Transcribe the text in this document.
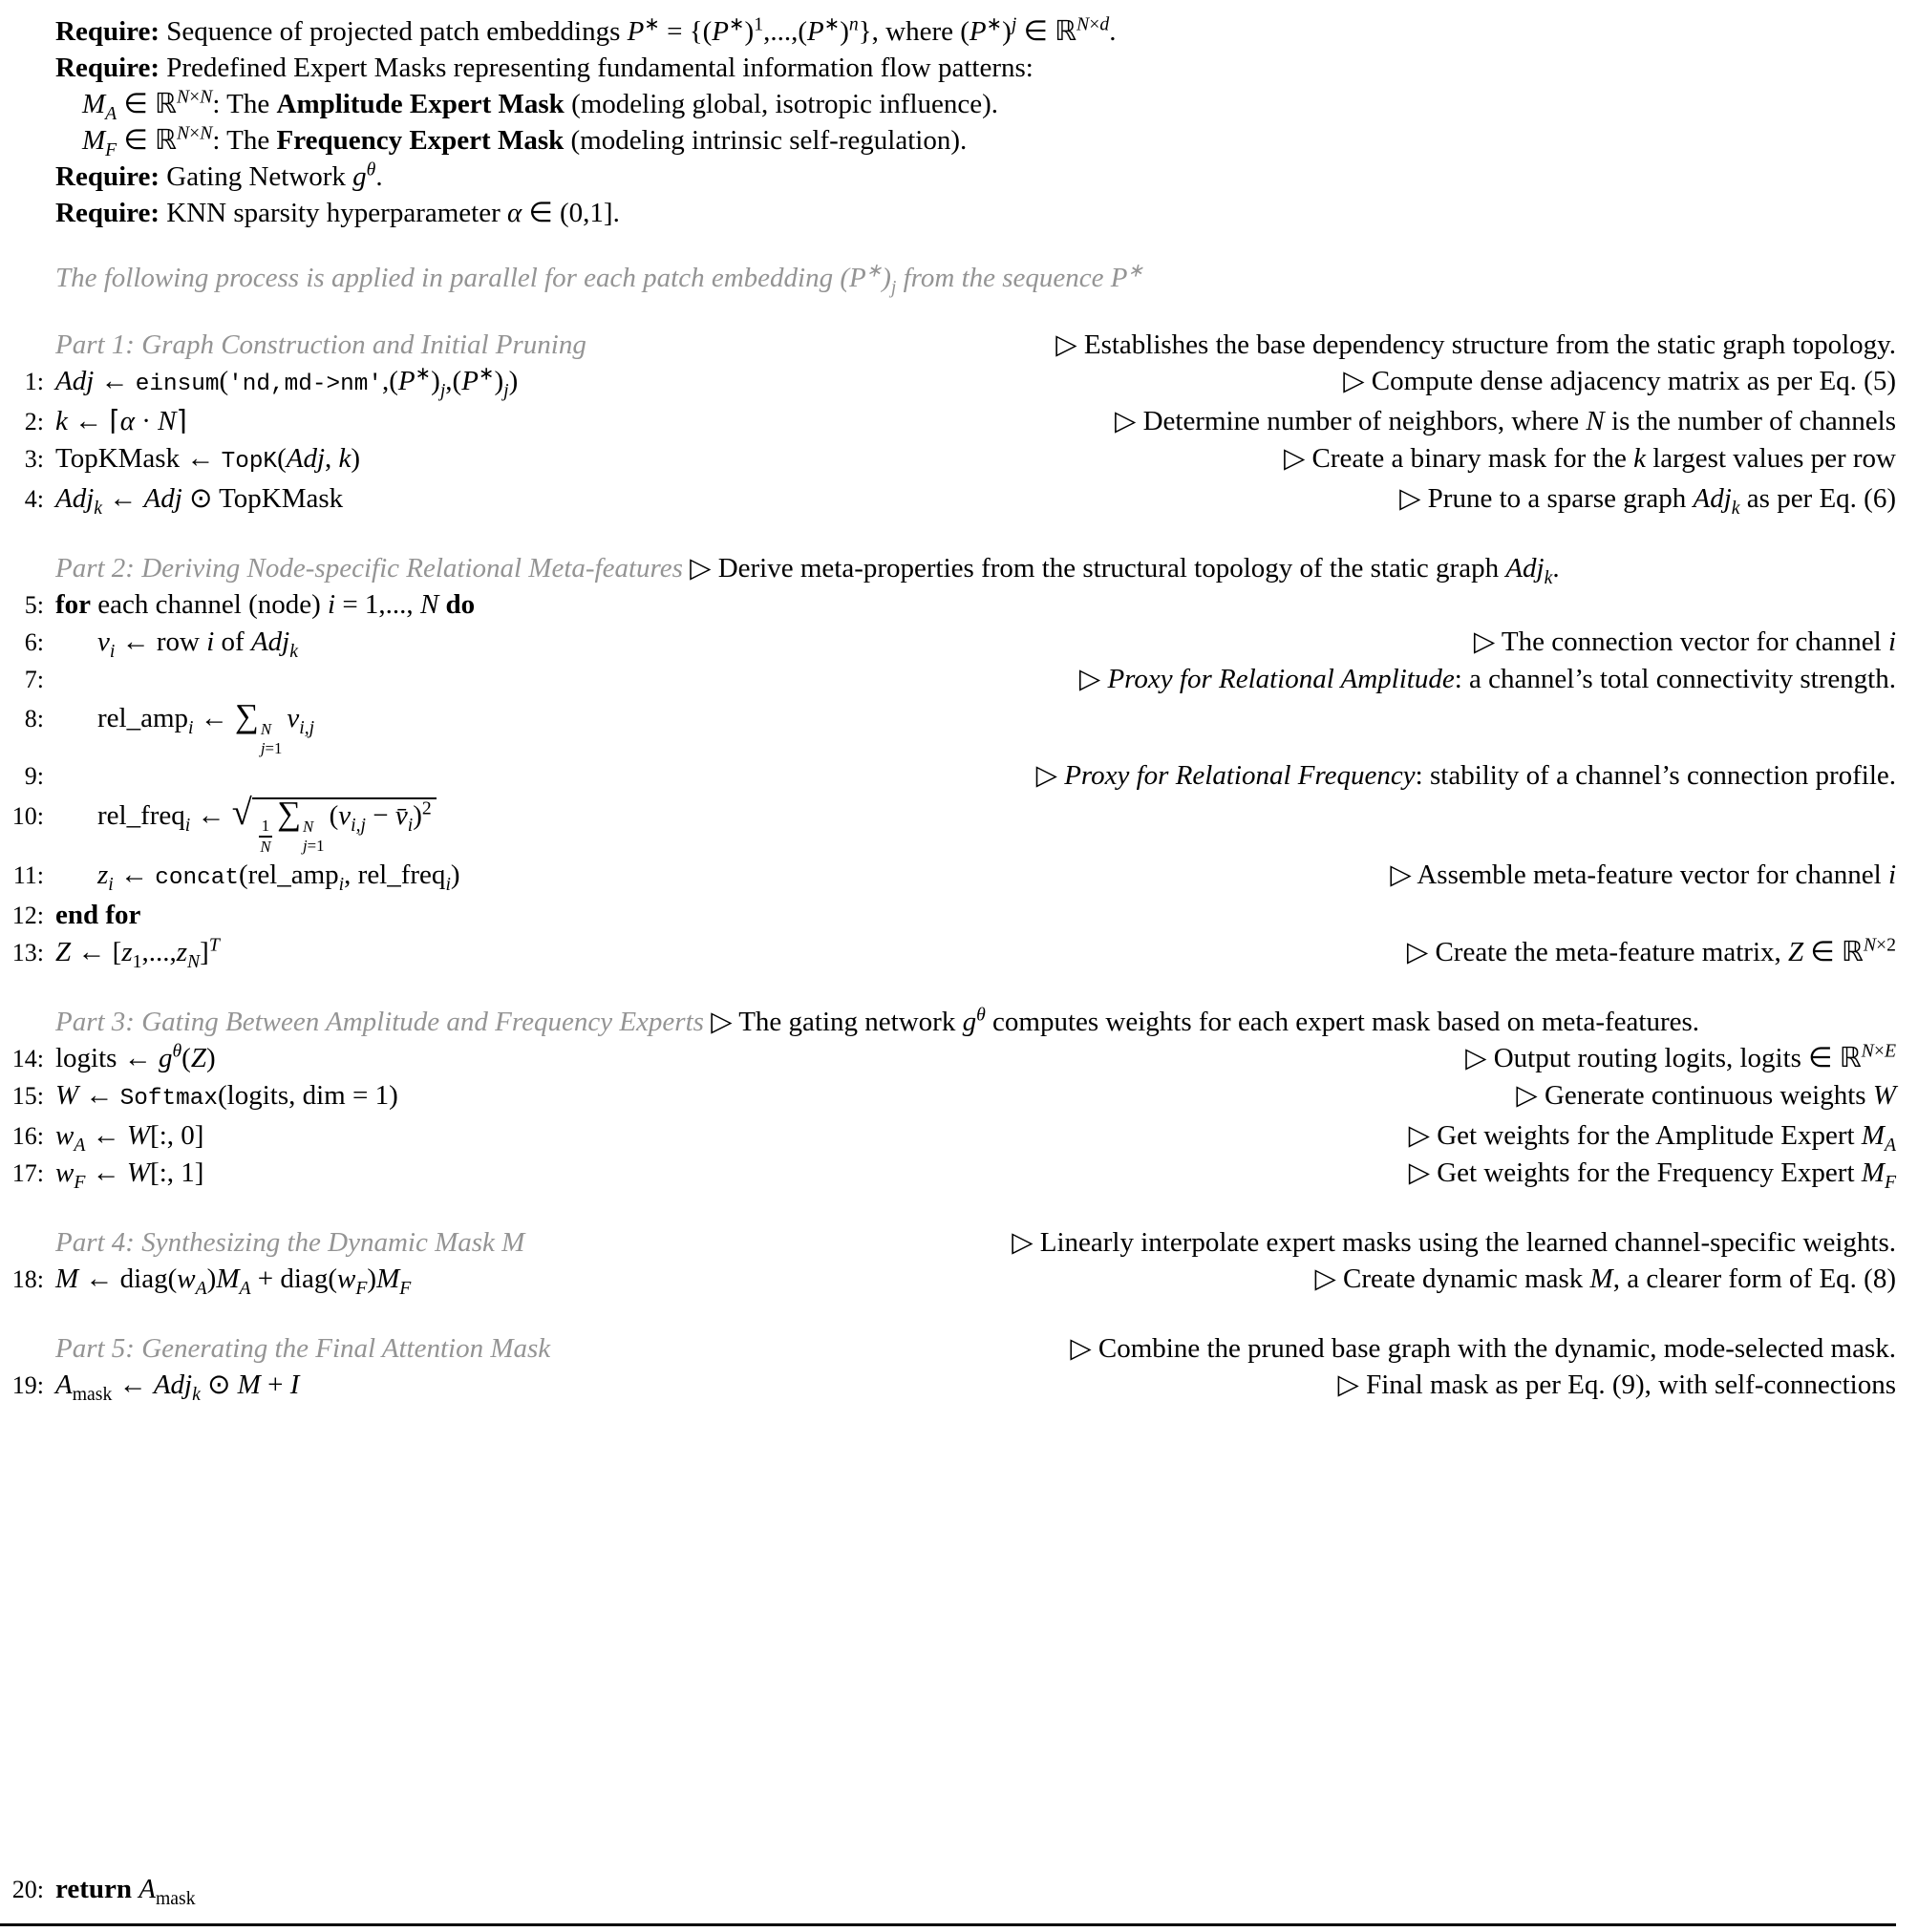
Require: Sequence of projected patch embeddings $P^∗ = \{(P^∗)^1,...,(P^∗)^n\}$, where $(P^∗)^j$ ∈ ℝ$^{N\times d}$.
Require: Predefined Expert Masks representing fundamental information flow patterns:
$M_A$ ∈ ℝ$^{N\times N}$: The Amplitude Expert Mask (modeling global, isotropic influence).
$M_F$ ∈ ℝ$^{N\times N}$: The Frequency Expert Mask (modeling intrinsic self-regulation).
Require: Gating Network $g^\theta$.
Require: KNN sparsity hyperparameter α ∈ (0,1].
The following process is applied in parallel for each patch embedding $(P^∗)_j$ from the sequence P∗
Part 1: Graph Construction and Initial Pruning	▷ Establishes the base dependency structure from the static graph topology.
1: Adj ← $einsum('nd,md->nm',(P^∗)_j,(P^∗)_j)$	▷ Compute dense adjacency matrix as per Eq. (5)
2: k ← ⌈α · N⌉	▷ Determine number of neighbors, where N is the number of channels
3: TopKMask ← TopK(Adj, k)	▷ Create a binary mask for the k largest values per row
4: Adj$_k$ ← Adj ⊙ TopKMask	▷ Prune to a sparse graph Adj$_k$ as per Eq. (6)
Part 2: Deriving Node-specific Relational Meta-features ▷ Derive meta-properties from the structural topology of the static graph Adj$_k$.
5: for each channel (node) i = 1,..., N do
6:	$v_i$ ← row i of Adj$_k$	▷ The connection vector for channel i
7:	▷ Proxy for Relational Amplitude: a channel’s total connectivity strength.
8:	rel_amp$_i$ ← ∑ N
j=1
$v_{i,j}$
9:	▷ Proxy for Relational Frequency: stability of a channel’s connection profile.
10:	rel_freq$_i$ ← √
$\frac{1}{N}$
∑ N
j=1
($v_{i,j}$ − $v̄_i)^2$
11:	$z_i$ ← concat(rel_amp$_i$, rel_freq$_i$)	▷ Assemble meta-feature vector for channel i
12: end for
13: Z ← $[z_1,...,z_N]^T$	▷ Create the meta-feature matrix, Z ∈ ℝ$^{N\times 2}$
Part 3: Gating Between Amplitude and Frequency Experts ▷ The gating network $g^\theta$ computes weights for each expert mask based on meta-features.
14: logits ← $g^\theta(Z)$	▷ Output routing logits, logits ∈ ℝ$^{N\times E}$
15: W ← Softmax(logits, dim = 1)	▷ Generate continuous weights W
16: $w_A$ ← W[:, 0]	▷ Get weights for the Amplitude Expert $M_A$
17: $w_F$ ← W[:, 1]	▷ Get weights for the Frequency Expert $M_F$
Part 4: Synthesizing the Dynamic Mask M	▷ Linearly interpolate expert masks using the learned channel-specific weights.
18: M ← $diag(w_A)M_A$ + $diag(w_F)M_F$	▷ Create dynamic mask M, a clearer form of Eq. (8)
Part 5: Generating the Final Attention Mask	▷ Combine the pruned base graph with the dynamic, mode-selected mask.
19: $A_{mask}$ ← Adj$_k$ ⊙ M + I	▷ Final mask as per Eq. (9), with self-connections
20: return $A_{mask}$
